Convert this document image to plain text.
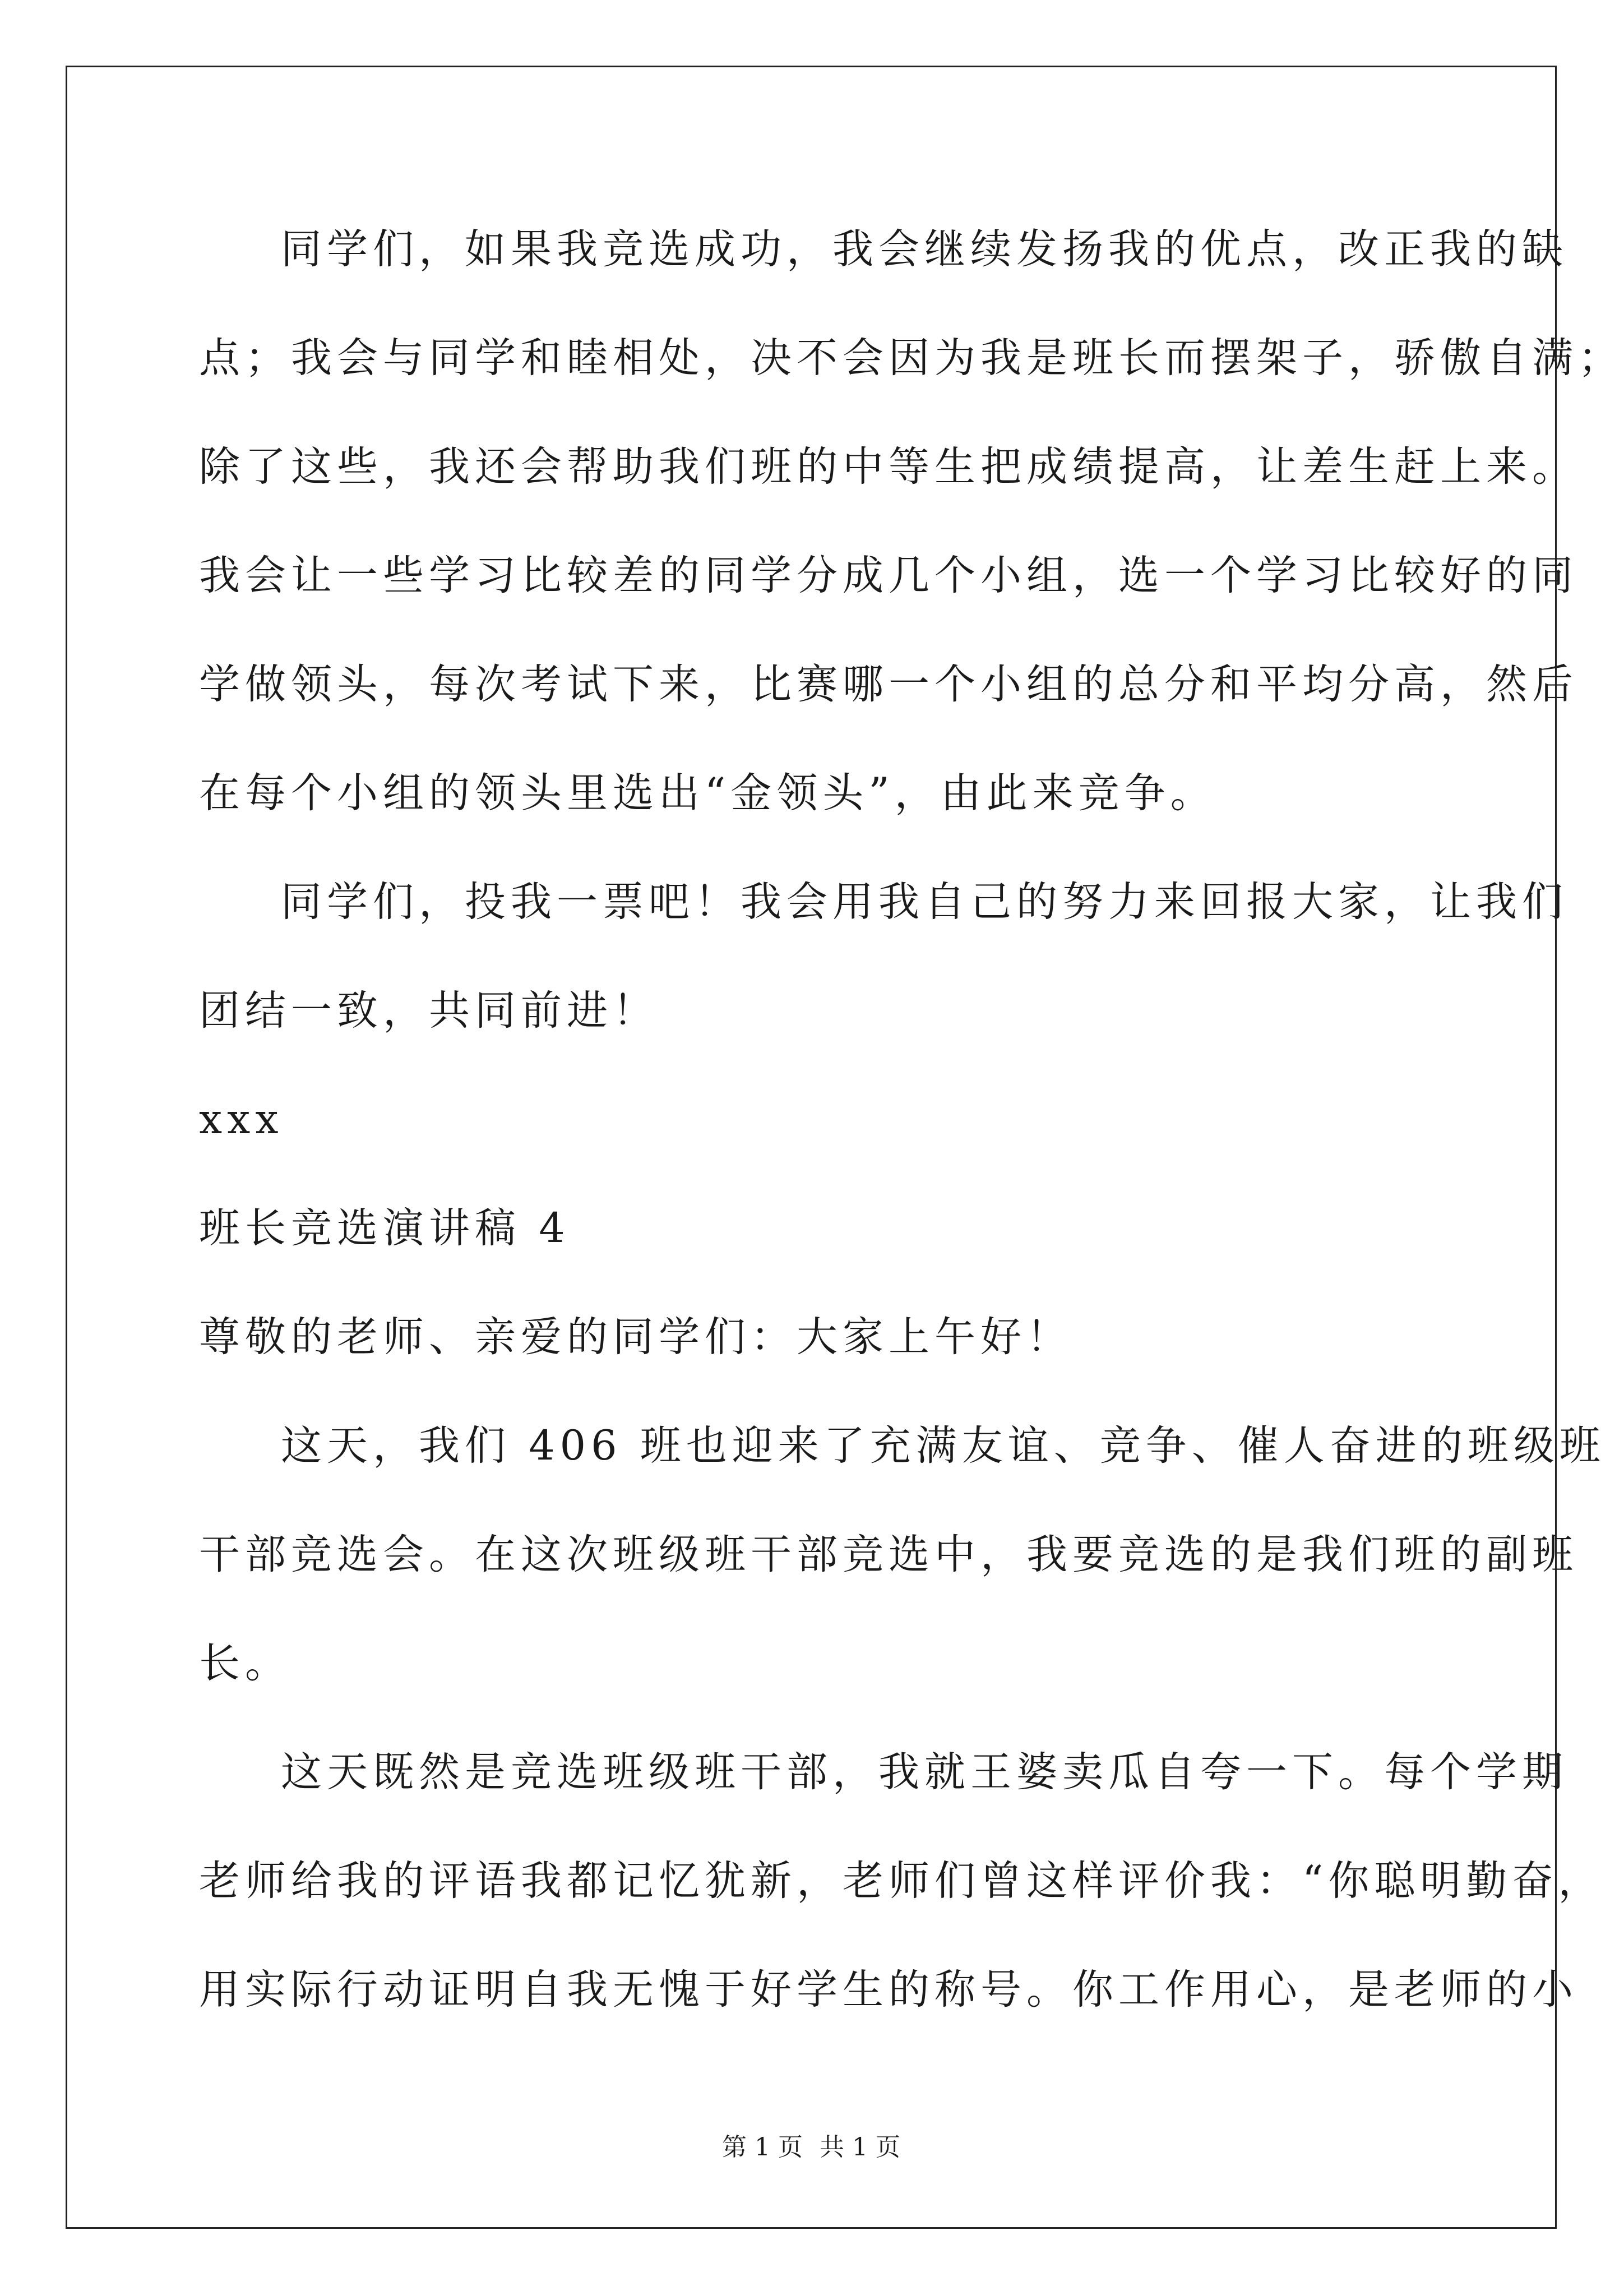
同学们，如果我竞选成功，我会继续发扬我的优点，改正我的缺
点；我会与同学和睦相处，决不会因为我是班长而摆架子，骄傲自满；
除了这些，我还会帮助我们班的中等生把成绩提高，让差生赶上来。
我会让一些学习比较差的同学分成几个小组，选一个学习比较好的同
学做领头，每次考试下来，比赛哪一个小组的总分和平均分高，然后
在每个小组的领头里选出“金领头”，由此来竞争。
同学们，投我一票吧！我会用我自己的努力来回报大家，让我们
团结一致，共同前进！
xxx
班长竞选演讲稿 4
尊敬的老师、亲爱的同学们：大家上午好！
这天，我们 406 班也迎来了充满友谊、竞争、催人奋进的班级班
干部竞选会。在这次班级班干部竞选中，我要竞选的是我们班的副班
长。
这天既然是竞选班级班干部，我就王婆卖瓜自夸一下。每个学期
老师给我的评语我都记忆犹新，老师们曾这样评价我：“你聪明勤奋，
用实际行动证明自我无愧于好学生的称号。你工作用心，是老师的小
第 1 页 共 1 页
